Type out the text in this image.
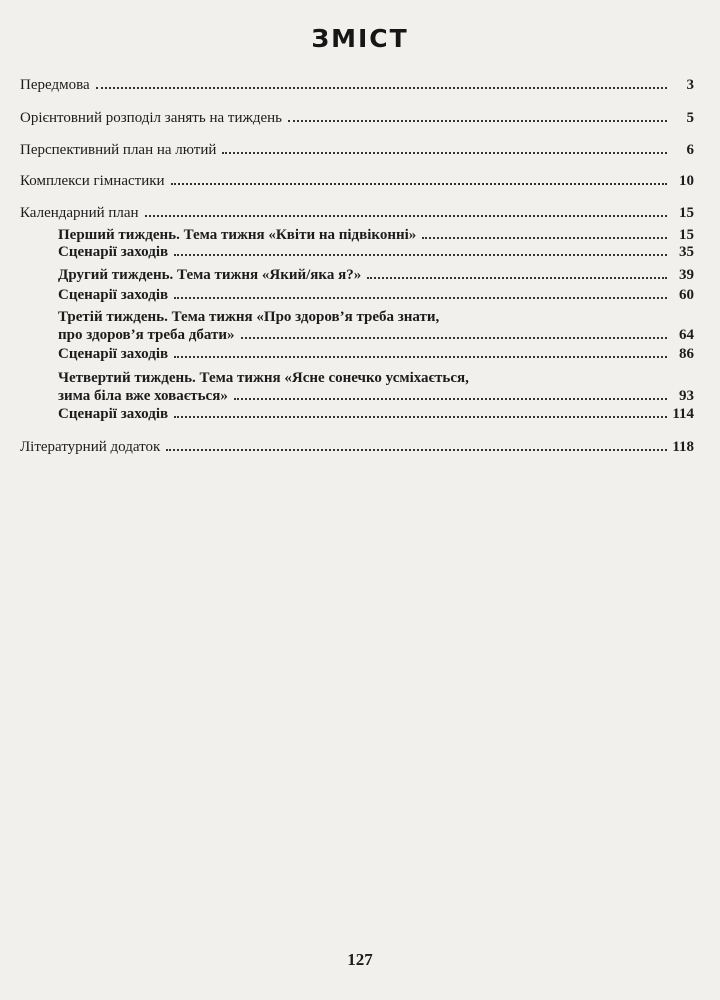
ЗМІСТ
Передмова	3
Орієнтовний розподіл занять на тиждень	5
Перспективний план на лютий	6
Комплекси гімнастики	10
Календарний план	15
Перший тиждень. Тема тижня «Квіти на підвіконні»	15
Сценарії заходів	35
Другий тиждень. Тема тижня «Який/яка я?»	39
Сценарії заходів	60
Третій тиждень. Тема тижня «Про здоров’я треба знати,
про здоров’я треба дбати»	64
Сценарії заходів	86
Четвертий тиждень. Тема тижня «Ясне сонечко усміхається,
зима біла вже ховається»	93
Сценарії заходів	114
Літературний додаток	118
127
